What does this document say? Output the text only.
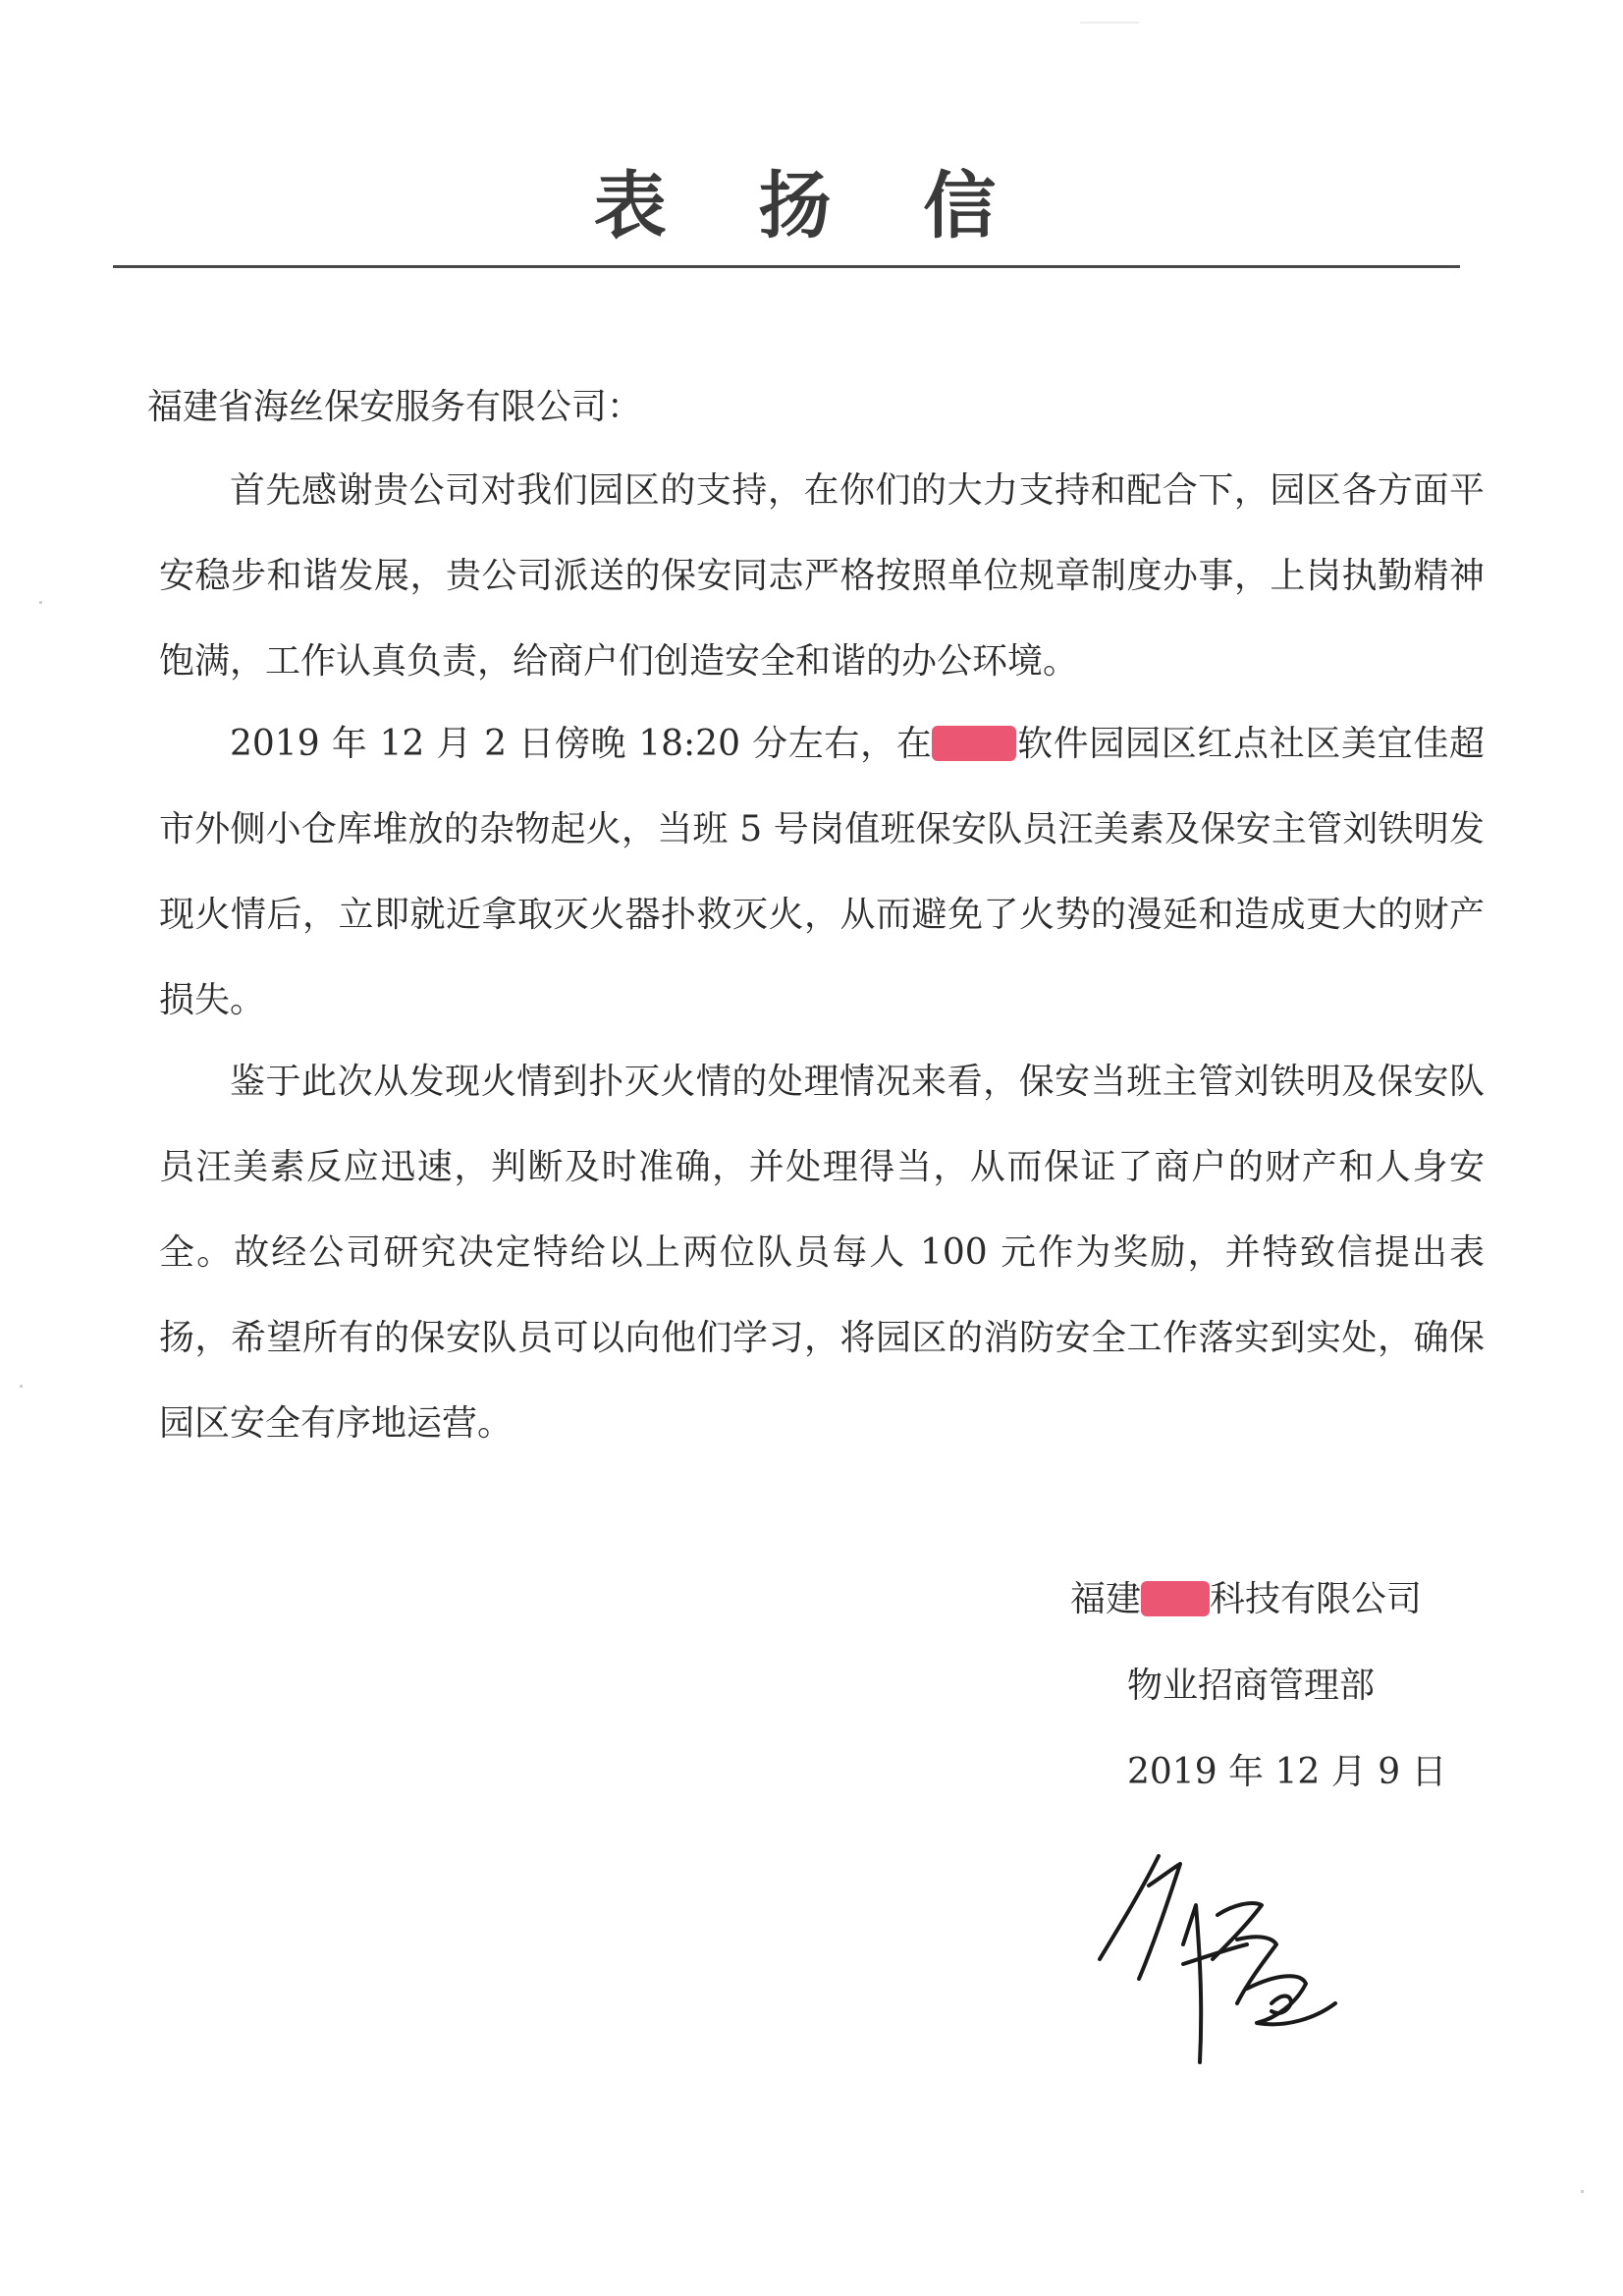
表 扬 信
福建省海丝保安服务有限公司：

首先感谢贵公司对我们园区的支持，在你们的大力支持和配合下，园区各方面平安稳步和谐发展，贵公司派送的保安同志严格按照单位规章制度办事，上岗执勤精神饱满，工作认真负责，给商户们创造安全和谐的办公环境。

2019 年 12 月 2 日傍晚 18:20 分左右，在 软件园园区红点社区美宜佳超市外侧小仓库堆放的杂物起火，当班 5 号岗值班保安队员汪美素及保安主管刘铁明发现火情后，立即就近拿取灭火器扑救灭火，从而避免了火势的漫延和造成更大的财产损失。

鉴于此次从发现火情到扑灭火情的处理情况来看，保安当班主管刘铁明及保安队员汪美素反应迅速，判断及时准确，并处理得当，从而保证了商户的财产和人身安全。故经公司研究决定特给以上两位队员每人 100 元作为奖励，并特致信提出表扬，希望所有的保安队员可以向他们学习，将园区的消防安全工作落实到实处，确保园区安全有序地运营。

福建 科技有限公司
物业招商管理部
2019 年 12 月 9 日
